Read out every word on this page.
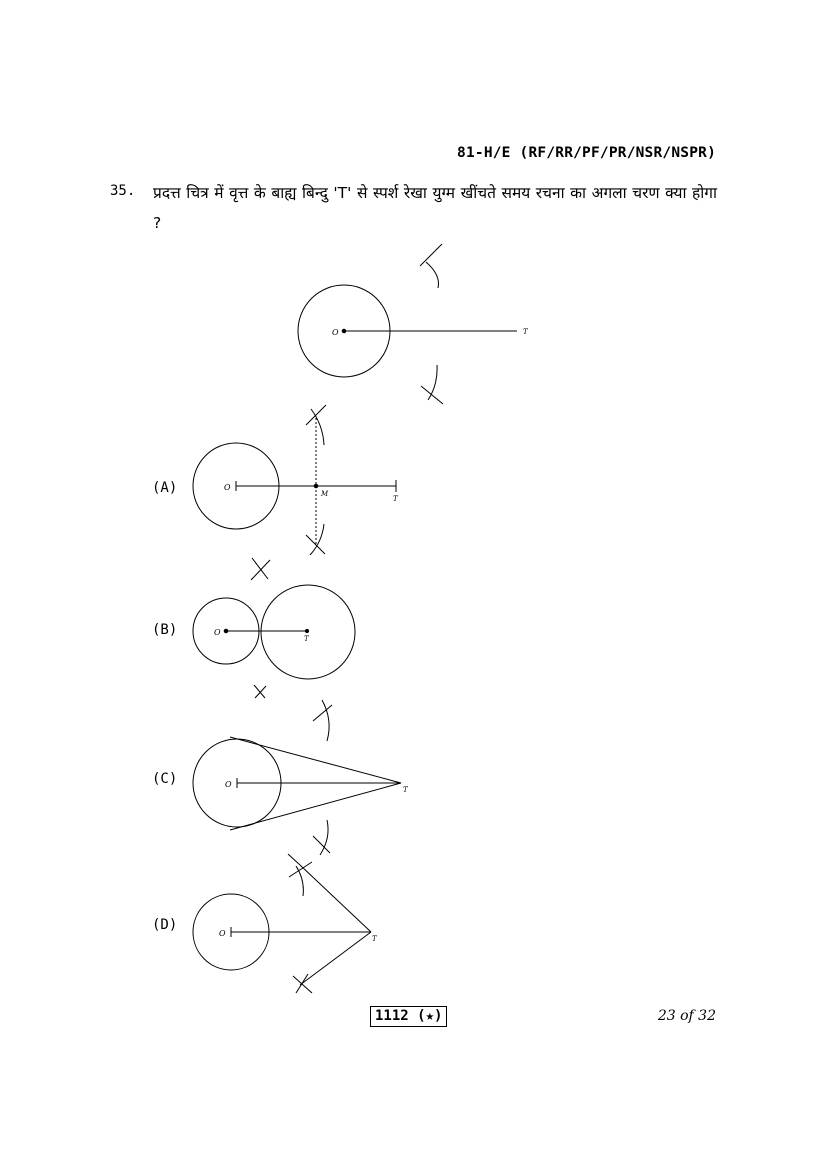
81-H/E (RF/RR/PF/PR/NSR/NSPR)
35. प्रदत्त चित्र में वृत्त के बाह्य बिन्दु 'T' से स्पर्श रेखा युग्म खींचते समय रचना का अगला चरण क्या होगा ?
O	T
O
M
T
O
T
O
T
O
T
(A)
(B)
(C)
(D)
1112 (★)	23 of 32
